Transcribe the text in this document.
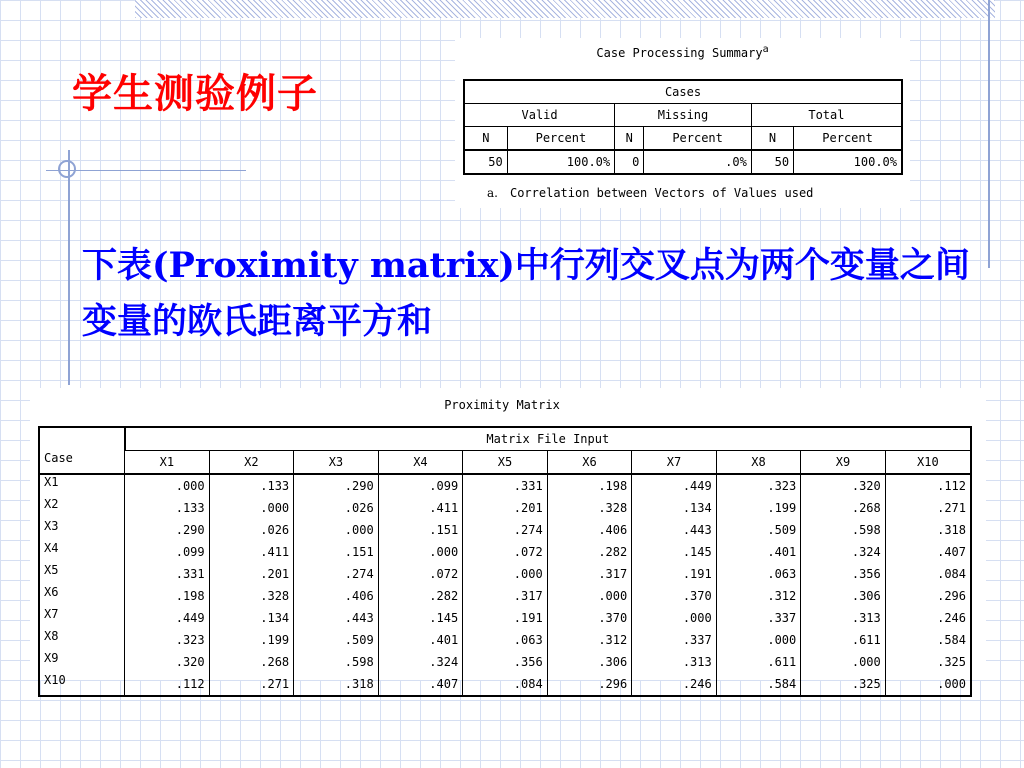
学生测验例子
下表(Proximity matrix)中行列交叉点为两个变量之间变量的欧氏距离平方和
Case Processing Summary$^a$
Cases					
Valid		Missing		Total	
N	Percent	N	Percent	N	Percent
50	100.0%	0	.0%	50	100.0%
a. Correlation between Vectors of Values used
Proximity Matrix
	Matrix File Input									
Case	X1	X2	X3	X4	X5	X6	X7	X8	X9	X10
X1	.000	.133	.290	.099	.331	.198	.449	.323	.320	.112
X2	.133	.000	.026	.411	.201	.328	.134	.199	.268	.271
X3	.290	.026	.000	.151	.274	.406	.443	.509	.598	.318
X4	.099	.411	.151	.000	.072	.282	.145	.401	.324	.407
X5	.331	.201	.274	.072	.000	.317	.191	.063	.356	.084
X6	.198	.328	.406	.282	.317	.000	.370	.312	.306	.296
X7	.449	.134	.443	.145	.191	.370	.000	.337	.313	.246
X8	.323	.199	.509	.401	.063	.312	.337	.000	.611	.584
X9	.320	.268	.598	.324	.356	.306	.313	.611	.000	.325
X10	.112	.271	.318	.407	.084	.296	.246	.584	.325	.000
